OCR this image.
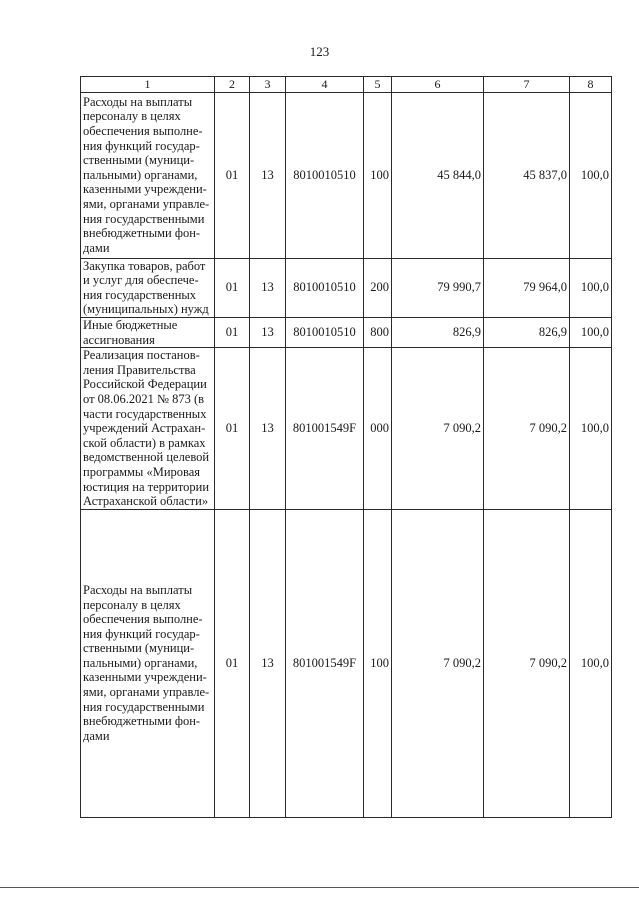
123
1	2	3	4	5	6	7	8
Расходы на выплаты персоналу в целях обеспечения выполне-ния функций государ-ственными (муници-пальными) органами, казенными учреждени-ями, органами управле-ния государственными внебюджетными фон-дами	01	13	8010010510	100	45 844,0	45 837,0	100,0
Закупка товаров, работ и услуг для обеспече-ния государственных (муниципальных) нужд	01	13	8010010510	200	79 990,7	79 964,0	100,0
Иные бюджетные ассигнования	01	13	8010010510	800	826,9	826,9	100,0
Реализация постанов-ления Правительства Российской Федерации от 08.06.2021 № 873 (в части государственных учреждений Астрахан-ской области) в рамках ведомственной целевой программы «Мировая юстиция на территории Астраханской области»	01	13	801001549F	000	7 090,2	7 090,2	100,0
Расходы на выплаты персоналу в целях обеспечения выполне-ния функций государ-ственными (муници-пальными) органами, казенными учреждени-ями, органами управле-ния государственными внебюджетными фон-дами	01	13	801001549F	100	7 090,2	7 090,2	100,0
